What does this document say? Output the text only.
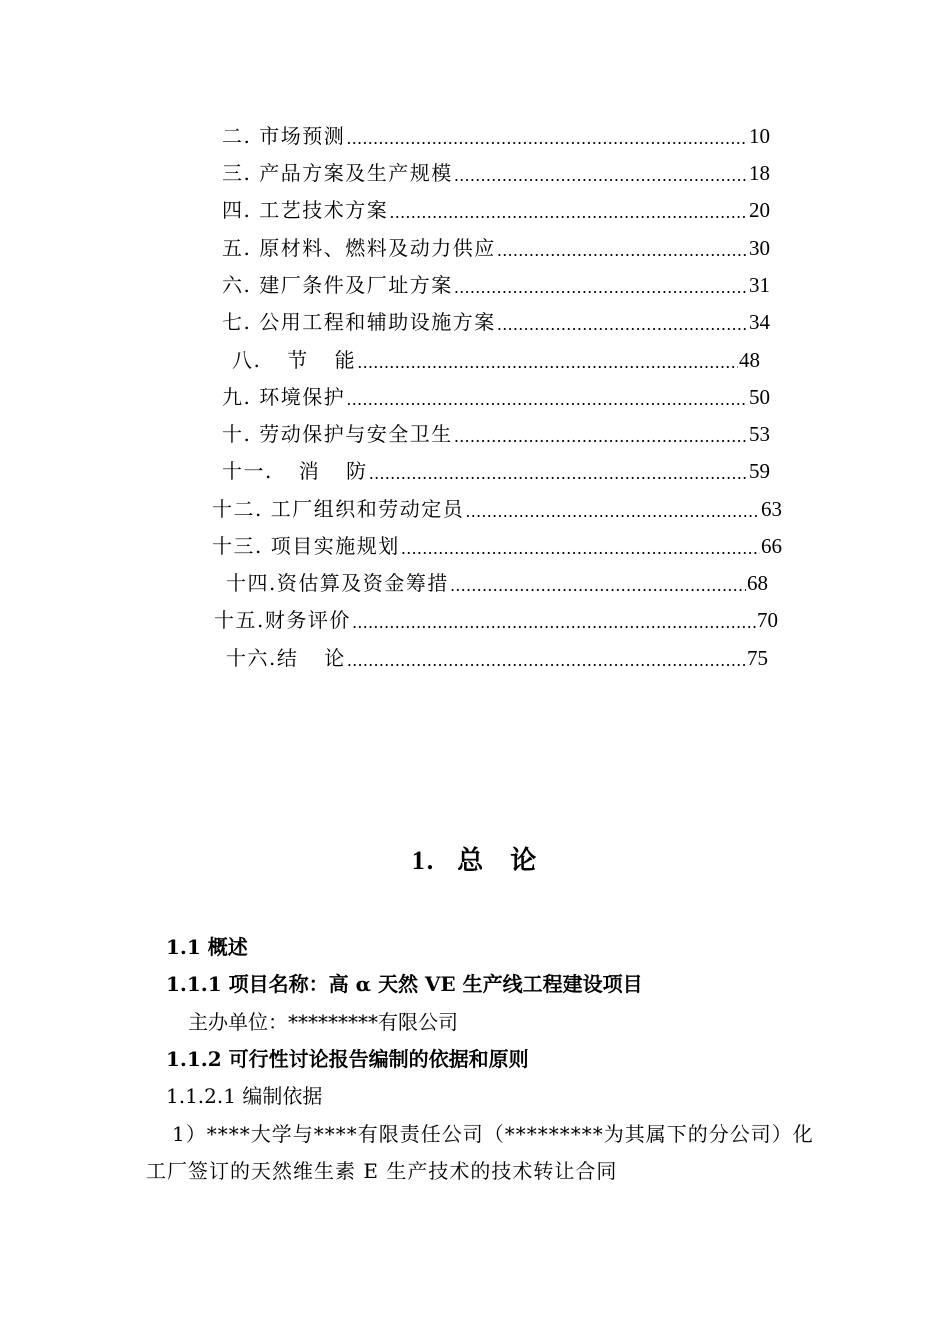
二. 市场预测 ………………………………………………………………………………………………………………………	10
三. 产品方案及生产规模 ………………………………………………………………………………………………………………………	18
四. 工艺技术方案 ………………………………………………………………………………………………………………………	20
五. 原材料、燃料及动力供应 ………………………………………………………………………………………………………………………	30
六. 建厂条件及厂址方案 ………………………………………………………………………………………………………………………	31
七. 公用工程和辅助设施方案 ………………………………………………………………………………………………………………………	34
八. 节 能 ………………………………………………………………………………………………………………………	48
九. 环境保护 ………………………………………………………………………………………………………………………	50
十. 劳动保护与安全卫生 ………………………………………………………………………………………………………………………	53
十一. 消 防 ………………………………………………………………………………………………………………………	59
十二. 工厂组织和劳动定员 ………………………………………………………………………………………………………………………	63
十三. 项目实施规划 ………………………………………………………………………………………………………………………	66
十四.资估算及资金筹措 ………………………………………………………………………………………………………………………	68
十五.财务评价 ………………………………………………………………………………………………………………………	70
十六.结 论 ………………………………………………………………………………………………………………………	75
1. 总 论
1.1 概述
1.1.1 项目名称：高 α 天然 VE 生产线工程建设项目
主办单位：*********有限公司
1.1.2 可行性讨论报告编制的依据和原则
1.1.2.1 编制依据
1）****大学与****有限责任公司（*********为其属下的分公司）化
工厂签订的天然维生素 E 生产技术的技术转让合同
